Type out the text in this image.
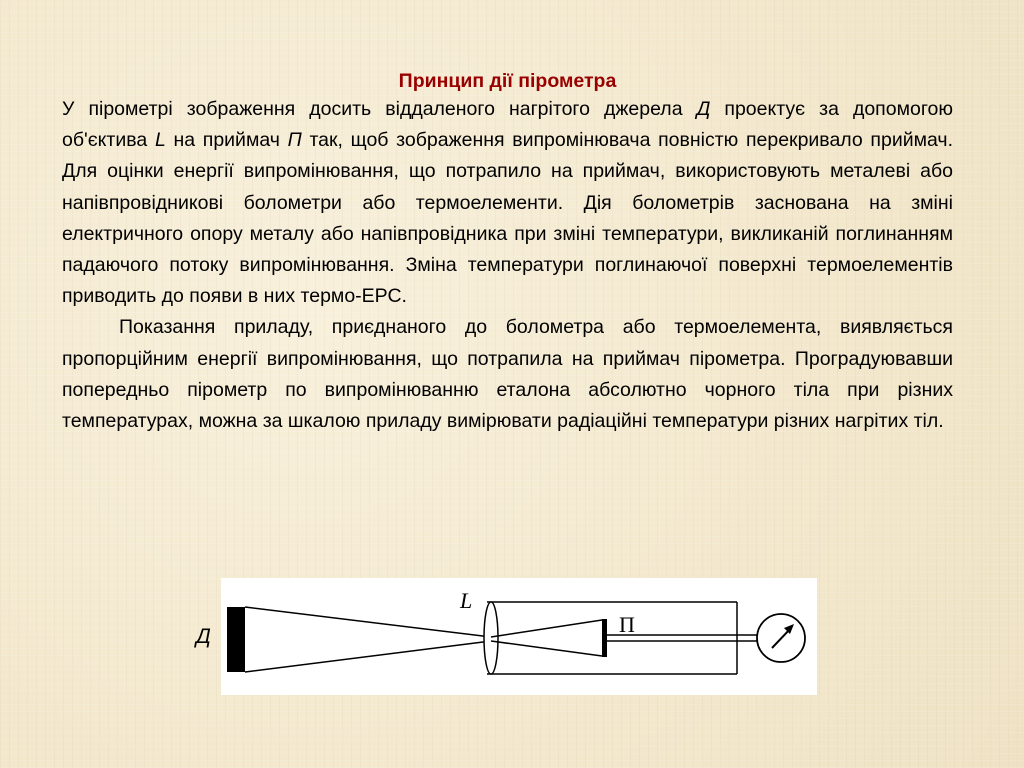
Принцип дії пірометра

У пірометрі зображення досить віддаленого нагрітого джерела Д проектує за допомогою об'єктива L на приймач П так, щоб зображення випромінювача повністю перекривало приймач. Для оцінки енергії випромінювання, що потрапило на приймач, використовують металеві або напівпровідникові болометри або термоелементи. Дія болометрів заснована на зміні електричного опору металу або напівпровідника при зміні температури, викликаній поглинанням падаючого потоку випромінювання. Зміна температури поглинаючої поверхні термоелементів приводить до появи в них термо-ЕРС.

Показання приладу, приєднаного до болометра або термоелемента, виявляється пропорційним енергії випромінювання, що потрапила на приймач пірометра. Проградуювавши попередньо пірометр по випромінюванню еталона абсолютно чорного тіла при різних температурах, можна за шкалою приладу вимірювати радіаційні температури різних нагрітих тіл.

Д
L
П
